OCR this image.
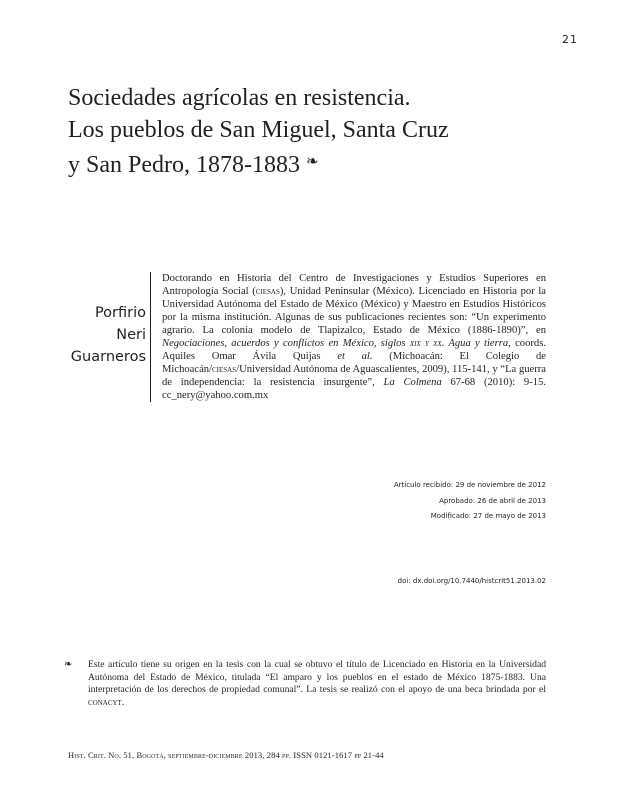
21
Sociedades agrícolas en resistencia.
Los pueblos de San Miguel, Santa Cruz
y San Pedro, 1878-1883 ❧
Porfirio
Neri
Guarneros

Doctorando en Historia del Centro de Investigaciones y Estudios Superiores en Antropología Social (ciesas), Unidad Peninsular (México). Licenciado en Historia por la Universidad Autónoma del Estado de México (México) y Maestro en Estudios Históricos por la misma institución. Algunas de sus publicaciones recientes son: “Un experimento agrario. La colonia modelo de Tlapizalco, Estado de México (1886-1890)”, en Negociaciones, acuerdos y conflictos en México, siglos xix y xx. Agua y tierra, coords. Aquiles Omar Ávila Quijas et al. (Michoacán: El Colegio de Michoacán/ciesas/Universidad Autónoma de Aguascalientes, 2009), 115-141, y “La guerra de independencia: la resistencia insurgente”, La Colmena 67-68 (2010): 9-15. cc_nery@yahoo.com.mx

Artículo recibido: 29 de noviembre de 2012
Aprobado: 26 de abril de 2013
Modificado: 27 de mayo de 2013
doi: dx.doi.org/10.7440/histcrit51.2013.02
❧ Este artículo tiene su origen en la tesis con la cual se obtuvo el título de Licenciado en Historia en la Universidad Autónoma del Estado de México, titulada “El amparo y los pueblos en el estado de México 1875-1883. Una interpretación de los derechos de propiedad comunal”. La tesis se realizó con el apoyo de una beca brindada por el conacyt.

Hist. Crit. No. 51, Bogotá, septiembre-diciembre 2013, 284 pp. ISSN 0121-1617 pp 21-44
